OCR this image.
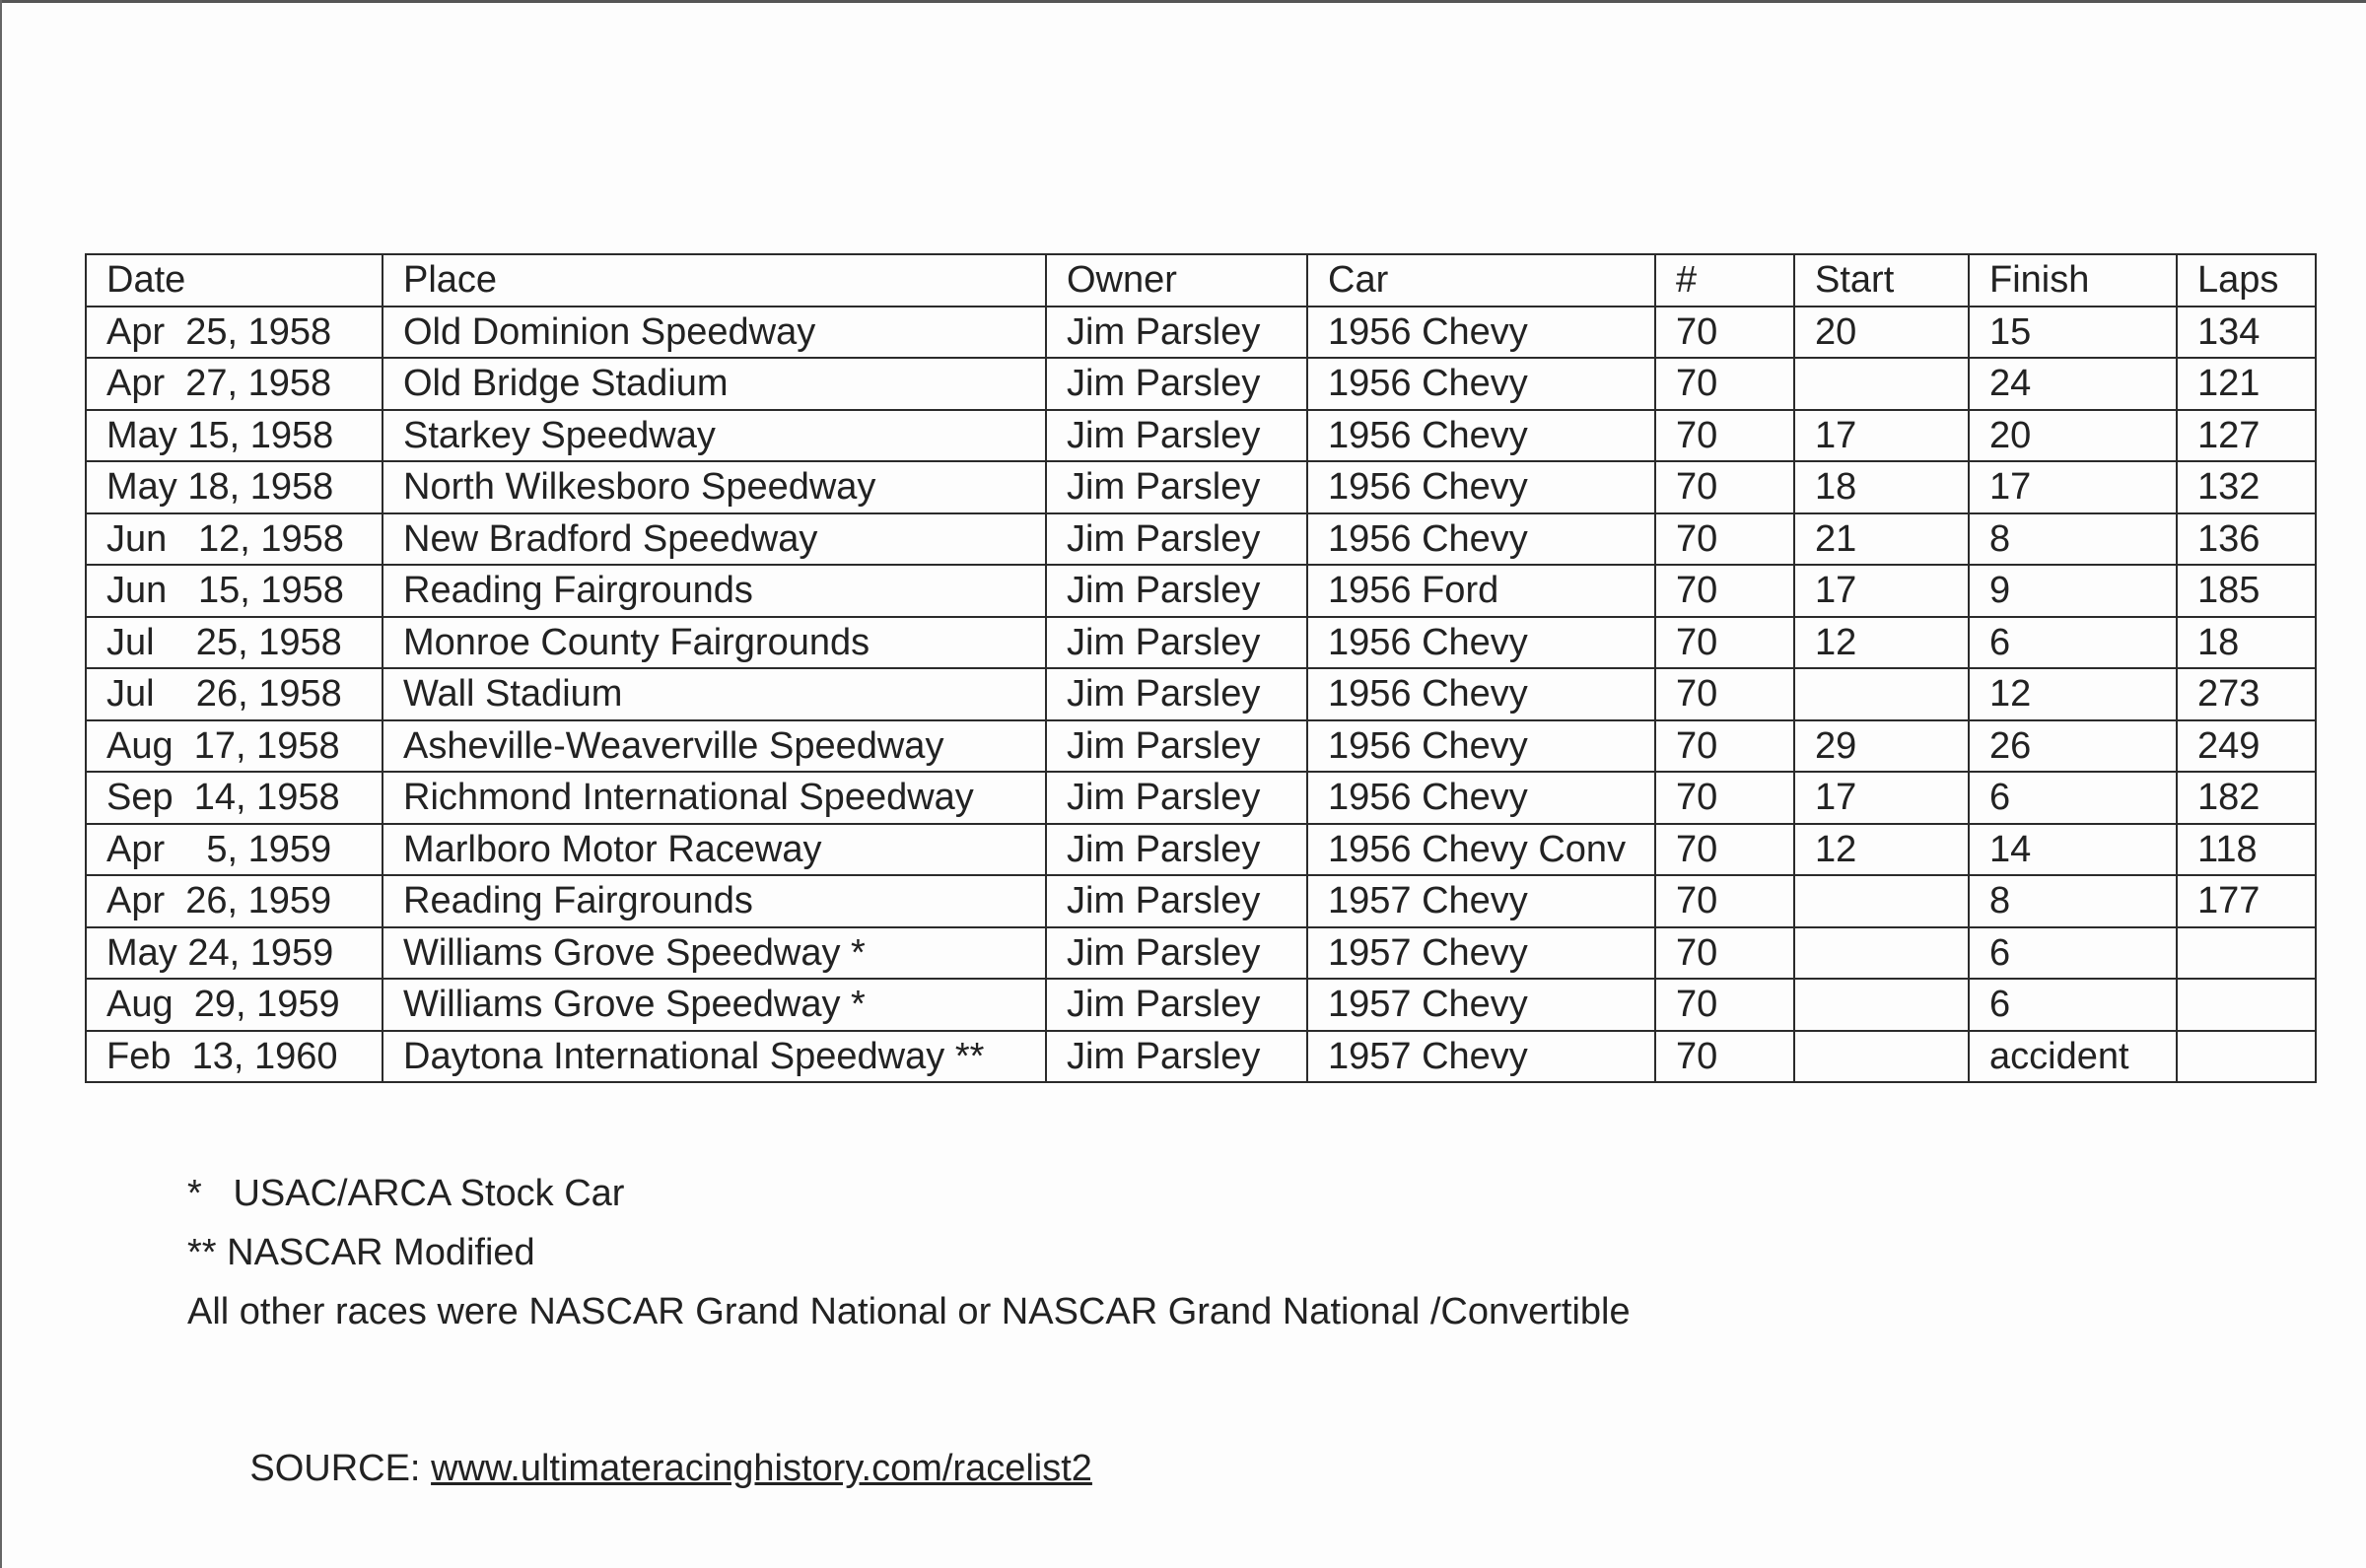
Date	Place	Owner	Car	#	Start	Finish	Laps
Apr  25, 1958	Old Dominion Speedway	Jim Parsley	1956 Chevy	70	20	15	134
Apr  27, 1958	Old Bridge Stadium	Jim Parsley	1956 Chevy	70		24	121
May 15, 1958	Starkey Speedway	Jim Parsley	1956 Chevy	70	17	20	127
May 18, 1958	North Wilkesboro Speedway	Jim Parsley	1956 Chevy	70	18	17	132
Jun   12, 1958	New Bradford Speedway	Jim Parsley	1956 Chevy	70	21	8	136
Jun   15, 1958	Reading Fairgrounds	Jim Parsley	1956 Ford	70	17	9	185
Jul    25, 1958	Monroe County Fairgrounds	Jim Parsley	1956 Chevy	70	12	6	18
Jul    26, 1958	Wall Stadium	Jim Parsley	1956 Chevy	70		12	273
Aug  17, 1958	Asheville-Weaverville Speedway	Jim Parsley	1956 Chevy	70	29	26	249
Sep  14, 1958	Richmond International Speedway	Jim Parsley	1956 Chevy	70	17	6	182
Apr    5, 1959	Marlboro Motor Raceway	Jim Parsley	1956 Chevy Conv	70	12	14	118
Apr  26, 1959	Reading Fairgrounds	Jim Parsley	1957 Chevy	70		8	177
May 24, 1959	Williams Grove Speedway *	Jim Parsley	1957 Chevy	70		6	
Aug  29, 1959	Williams Grove Speedway *	Jim Parsley	1957 Chevy	70		6	
Feb  13, 1960	Daytona International Speedway **	Jim Parsley	1957 Chevy	70		accident	
*   USAC/ARCA Stock Car
** NASCAR Modified
All other races were NASCAR Grand National or NASCAR Grand National /Convertible

SOURCE: www.ultimateracinghistory.com/racelist2
